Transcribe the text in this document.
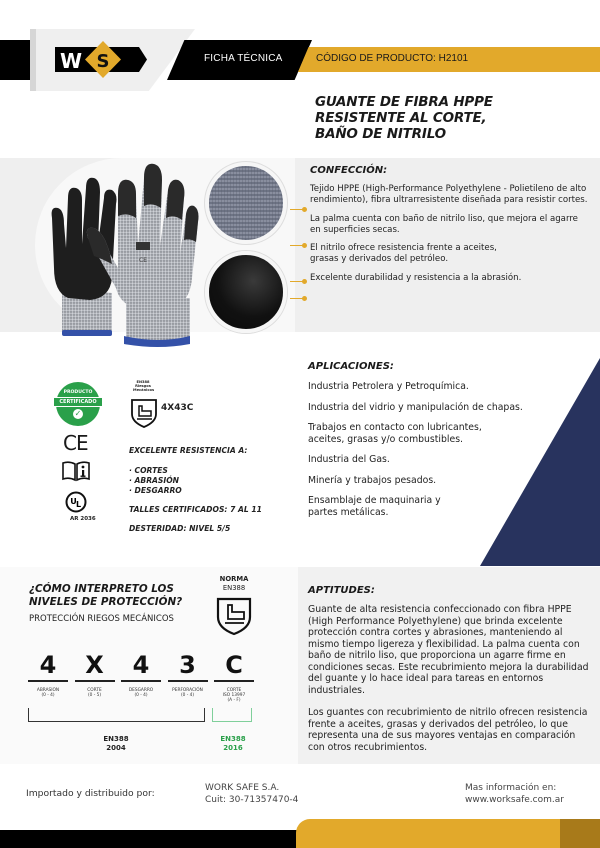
W S	FICHA TÉCNICA	CÓDIGO DE PRODUCTO: H2101
GUANTE DE FIBRA HPPE
RESISTENTE AL CORTE,
BAÑO DE NITRILO
CE
CONFECCIÓN:
Tejido HPPE (High-Performance Polyethylene - Polietileno de alto rendimiento), fibra ultrarresistente diseñada para resistir cortes.
La palma cuenta con baño de nitrilo liso, que mejora el agarre en superficies secas.
El nitrilo ofrece resistencia frente a aceites, grasas y derivados del petróleo.
Excelente durabilidad y resistencia a la abrasión.
PRODUCTO
CERTIFICADO
✓
CE
U L
AR 2036
EN388
Riesgos
Mecánicos
4X43C
EXCELENTE RESISTENCIA A:
· CORTES
· ABRASIÓN
· DESGARRO
TALLES CERTIFICADOS: 7 AL 11
DESTERIDAD: NIVEL 5/5
APLICACIONES:
Industria Petrolera y Petroquímica.
Industria del vidrio y manipulación de chapas.
Trabajos en contacto con lubricantes, aceites, grasas y/o combustibles.
Industria del Gas.
Minería y trabajos pesados.
Ensamblaje de maquinaria y partes metálicas.
¿CÓMO INTERPRETO LOS
NIVELES DE PROTECCIÓN?
PROTECCIÓN RIEGOS MECÁNICOS
NORMA
EN388
4
ABRASION
(0 - 4)
X
CORTE
(0 - 5)
4
DESGARRO
(0 - 4)
3
PERFORACIÓN
(0 - 4)
C
CORTE
ISO 13997
(A - F)
EN388
2004
EN388
2016
APTITUDES:

Guante de alta resistencia confeccionado con fibra HPPE (High Performance Polyethylene) que brinda excelente protección contra cortes y abrasiones, manteniendo al mismo tiempo ligereza y flexibilidad. La palma cuenta con baño de nitrilo liso, que proporciona un agarre firme en condiciones secas. Este recubrimiento mejora la durabilidad del guante y lo hace ideal para tareas en entornos industriales.

Los guantes con recubrimiento de nitrilo ofrecen resistencia frente a aceites, grasas y derivados del petróleo, lo que representa una de sus mayores ventajas en comparación con otros recubrimientos.

Importado y distribuido por:	WORK SAFE S.A.
Cuit: 30-71357470-4
Mas información en:
www.worksafe.com.ar
